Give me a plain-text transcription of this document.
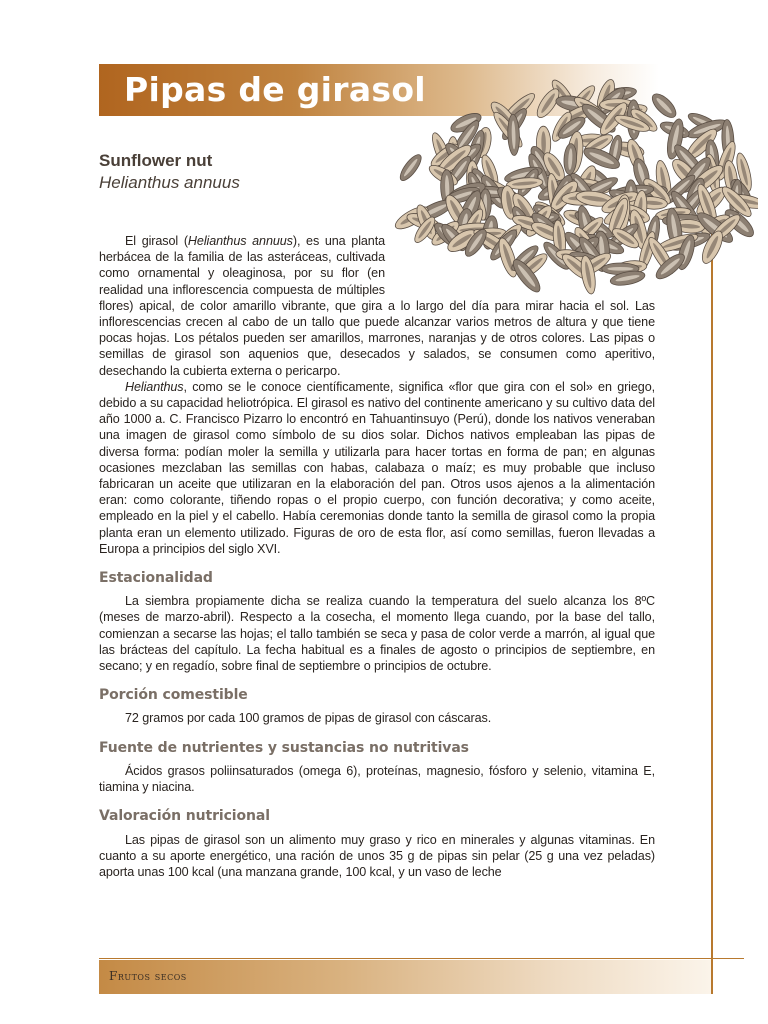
Pipas de girasol
Sunflower nut
Helianthus annuus

El girasol (Helianthus annuus), es una planta herbácea de la familia de las asteráceas, cultivada como ornamental y oleaginosa, por su flor (en realidad una inflorescencia compuesta de múltiples flores) apical, de color amarillo vibrante, que gira a lo largo del día para mirar hacia el sol. Las inflorescencias crecen al cabo de un tallo que puede alcanzar varios metros de altura y que tiene pocas hojas. Los pétalos pueden ser amarillos, marrones, naranjas y de otros colores. Las pipas o semillas de girasol son aquenios que, desecados y salados, se consumen como aperitivo, desechando la cubierta externa o pericarpo.

Helianthus, como se le conoce científicamente, significa «flor que gira con el sol» en griego, debido a su capacidad heliotrópica. El girasol es nativo del continente americano y su cultivo data del año 1000 a. C. Francisco Pizarro lo encontró en Tahuantinsuyo (Perú), donde los nativos veneraban una imagen de girasol como símbolo de su dios solar. Dichos nativos empleaban las pipas de diversa forma: podían moler la semilla y utilizarla para hacer tortas en forma de pan; en algunas ocasiones mezclaban las semillas con habas, calabaza o maíz; es muy probable que incluso fabricaran un aceite que utilizaran en la elaboración del pan. Otros usos ajenos a la alimentación eran: como colorante, tiñendo ropas o el propio cuerpo, con función decorativa; y como aceite, empleado en la piel y el cabello. Había ceremonias donde tanto la semilla de girasol como la propia planta eran un elemento utilizado. Figuras de oro de esta flor, así como semillas, fueron llevadas a Europa a principios del siglo XVI.

Estacionalidad

La siembra propiamente dicha se realiza cuando la temperatura del suelo alcanza los 8ºC (meses de marzo-abril). Respecto a la cosecha, el momento llega cuando, por la base del tallo, comienzan a secarse las hojas; el tallo también se seca y pasa de color verde a marrón, al igual que las brácteas del capítulo. La fecha habitual es a finales de agosto o principios de septiembre, en secano; y en regadío, sobre final de septiembre o principios de octubre.

Porción comestible

72 gramos por cada 100 gramos de pipas de girasol con cáscaras.

Fuente de nutrientes y sustancias no nutritivas

Ácidos grasos poliinsaturados (omega 6), proteínas, magnesio, fósforo y selenio, vitamina E, tiamina y niacina.

Valoración nutricional

Las pipas de girasol son un alimento muy graso y rico en minerales y algunas vitaminas. En cuanto a su aporte energético, una ración de unos 35 g de pipas sin pelar (25 g una vez peladas) aporta unas 100 kcal (una manzana grande, 100 kcal, y un vaso de leche

Frutos secos
